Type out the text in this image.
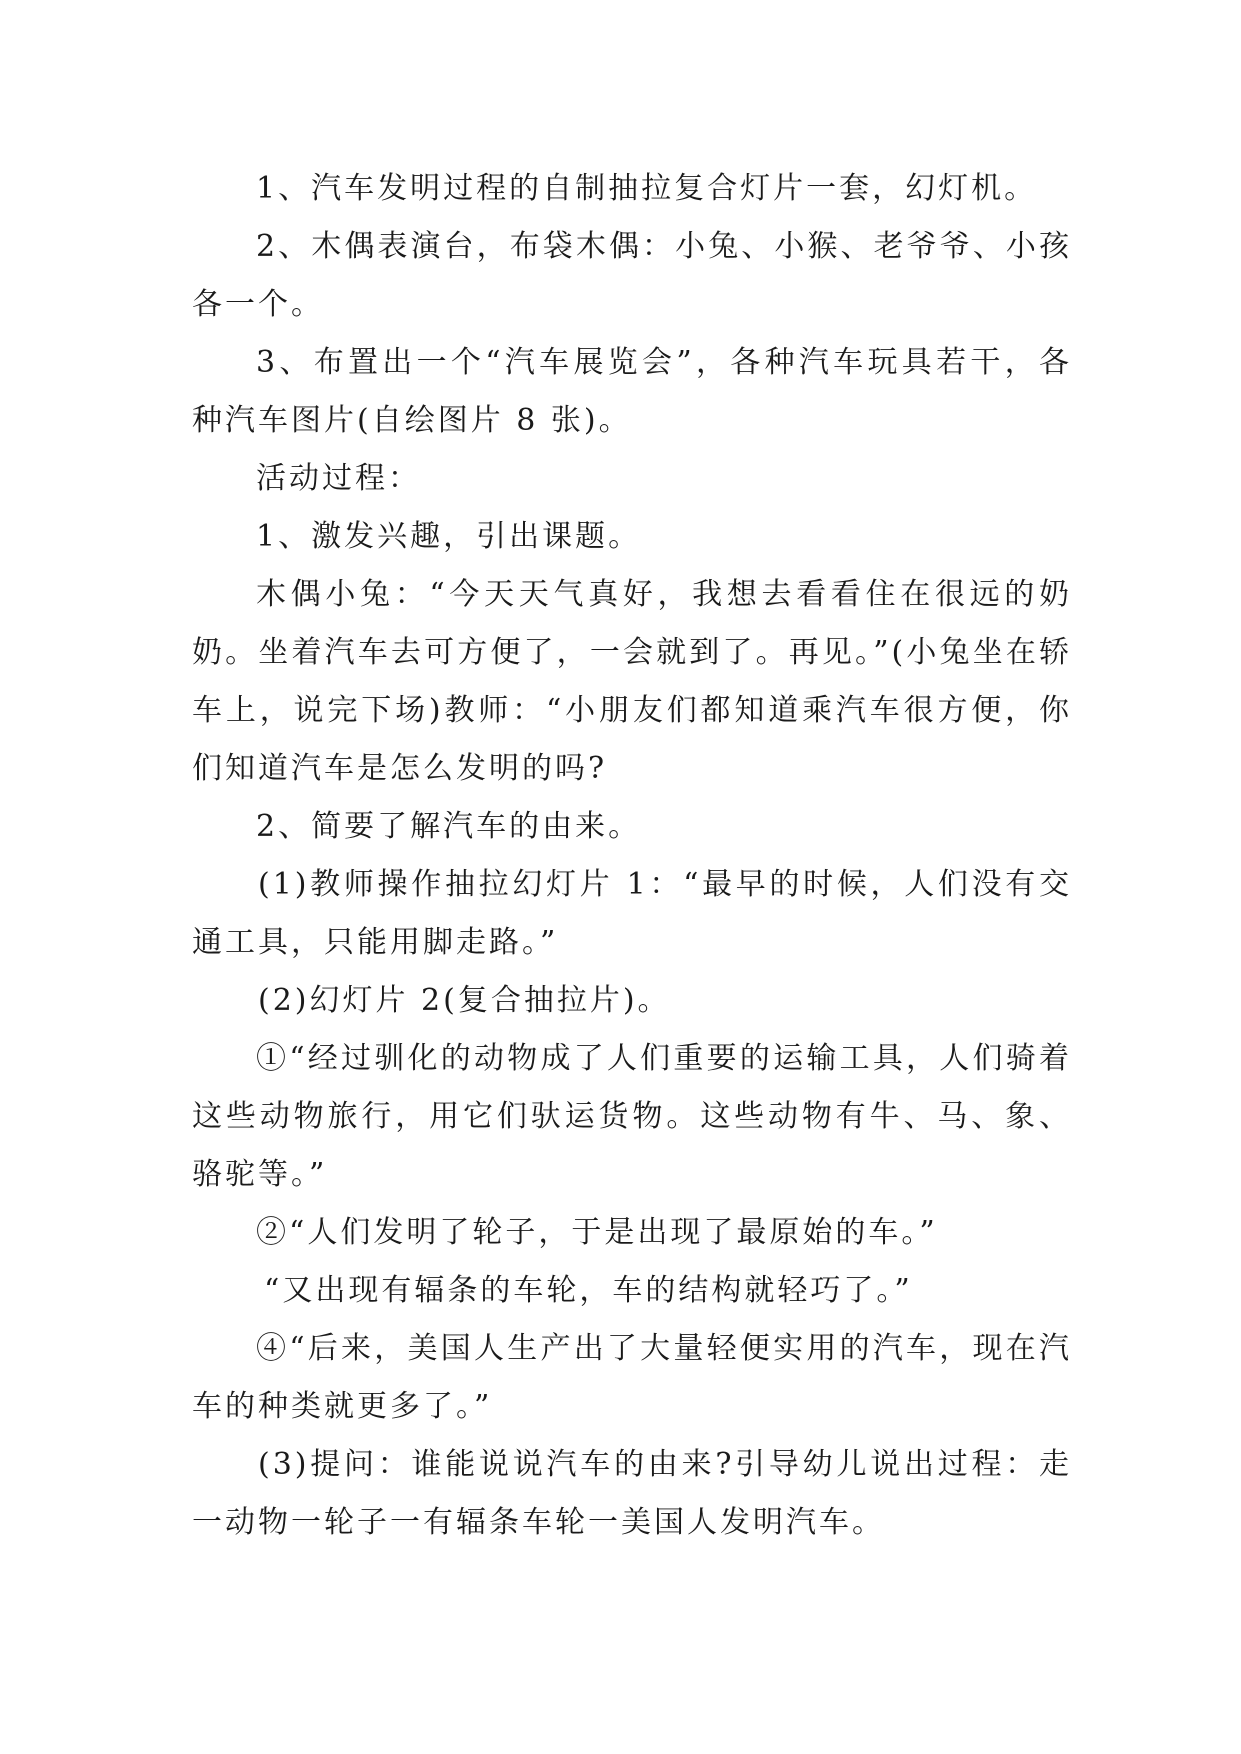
1、汽车发明过程的自制抽拉复合灯片一套，幻灯机。

2、木偶表演台，布袋木偶：小兔、小猴、老爷爷、小孩各一个。

3、布置出一个“汽车展览会”，各种汽车玩具若干，各种汽车图片(自绘图片 8 张)。

活动过程：

1、激发兴趣，引出课题。

木偶小兔：“今天天气真好，我想去看看住在很远的奶奶。坐着汽车去可方便了，一会就到了。再见。”(小兔坐在轿车上，说完下场)教师：“小朋友们都知道乘汽车很方便，你们知道汽车是怎么发明的吗?

2、简要了解汽车的由来。

(1)教师操作抽拉幻灯片 1：“最早的时候，人们没有交通工具，只能用脚走路。”

(2)幻灯片 2(复合抽拉片)。

①“经过驯化的动物成了人们重要的运输工具，人们骑着这些动物旅行，用它们驮运货物。这些动物有牛、马、象、骆驼等。”

②“人们发明了轮子，于是出现了最原始的车。”

“又出现有辐条的车轮，车的结构就轻巧了。”

④“后来，美国人生产出了大量轻便实用的汽车，现在汽车的种类就更多了。”

(3)提问：谁能说说汽车的由来?引导幼儿说出过程：走一动物一轮子一有辐条车轮一美国人发明汽车。
